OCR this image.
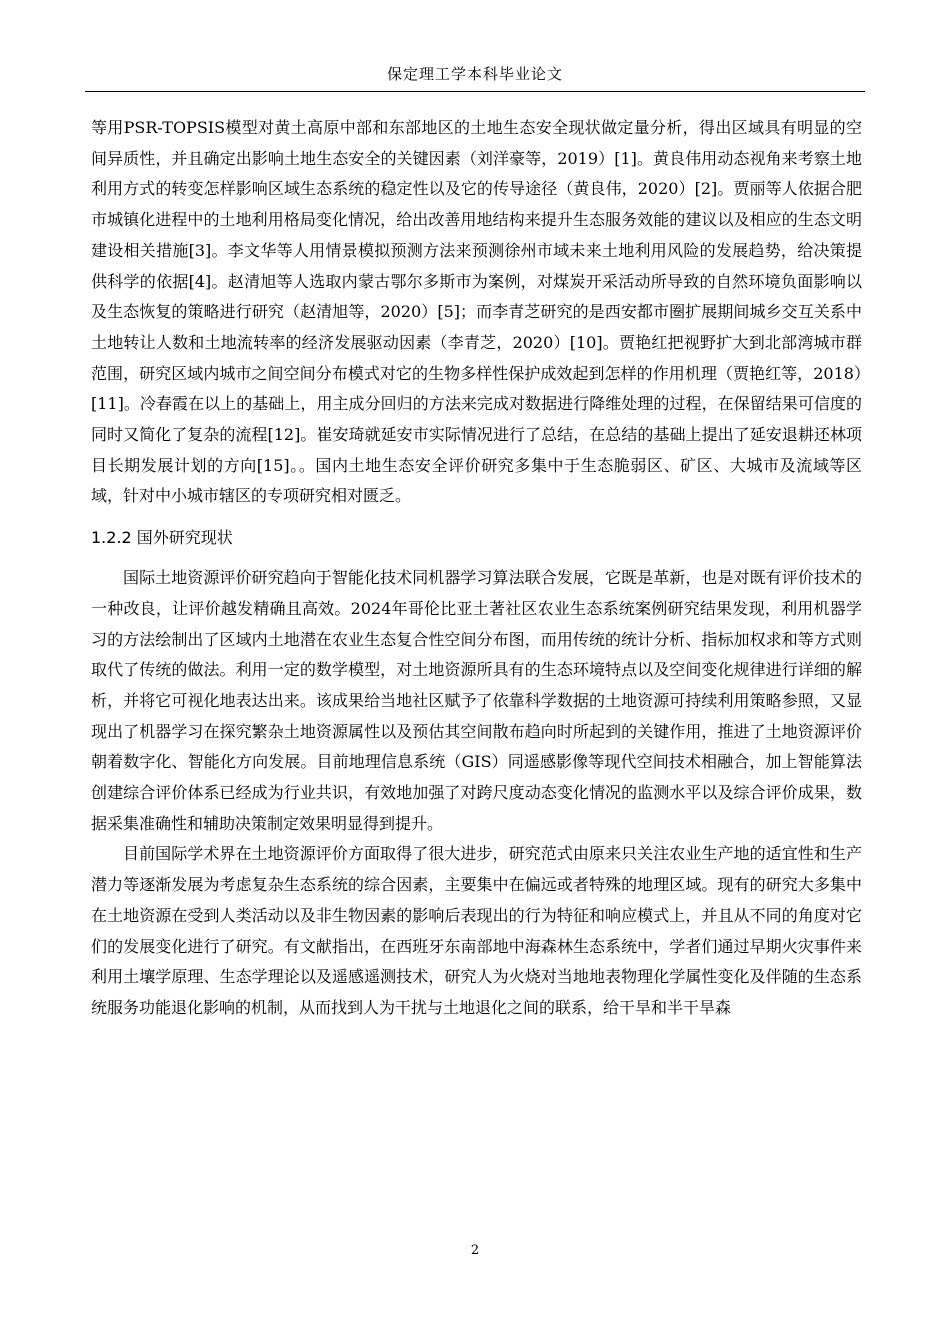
保定理工学本科毕业论文

等用PSR-TOPSIS模型对黄土高原中部和东部地区的土地生态安全现状做定量分析，得出区域具有明显的空间异质性，并且确定出影响土地生态安全的关键因素（刘洋豪等，2019）[1]。黄良伟用动态视角来考察土地利用方式的转变怎样影响区域生态系统的稳定性以及它的传导途径（黄良伟，2020）[2]。贾丽等人依据合肥市城镇化进程中的土地利用格局变化情况，给出改善用地结构来提升生态服务效能的建议以及相应的生态文明建设相关措施[3]。李文华等人用情景模拟预测方法来预测徐州市域未来土地利用风险的发展趋势，给决策提供科学的依据[4]。赵清旭等人选取内蒙古鄂尔多斯市为案例，对煤炭开采活动所导致的自然环境负面影响以及生态恢复的策略进行研究（赵清旭等，2020）[5]；而李青芝研究的是西安都市圈扩展期间城乡交互关系中土地转让人数和土地流转率的经济发展驱动因素（李青芝，2020）[10]。贾艳红把视野扩大到北部湾城市群范围，研究区域内城市之间空间分布模式对它的生物多样性保护成效起到怎样的作用机理（贾艳红等，2018）[11]。冷春霞在以上的基础上，用主成分回归的方法来完成对数据进行降维处理的过程，在保留结果可信度的同时又简化了复杂的流程[12]。崔安琦就延安市实际情况进行了总结，在总结的基础上提出了延安退耕还林项目长期发展计划的方向[15]。。国内土地生态安全评价研究多集中于生态脆弱区、矿区、大城市及流域等区域，针对中小城市辖区的专项研究相对匮乏。

1.2.2 国外研究现状

国际土地资源评价研究趋向于智能化技术同机器学习算法联合发展，它既是革新，也是对既有评价技术的一种改良，让评价越发精确且高效。2024年哥伦比亚土著社区农业生态系统案例研究结果发现，利用机器学习的方法绘制出了区域内土地潜在农业生态复合性空间分布图，而用传统的统计分析、指标加权求和等方式则取代了传统的做法。利用一定的数学模型，对土地资源所具有的生态环境特点以及空间变化规律进行详细的解析，并将它可视化地表达出来。该成果给当地社区赋予了依靠科学数据的土地资源可持续利用策略参照，又显现出了机器学习在探究繁杂土地资源属性以及预估其空间散布趋向时所起到的关键作用，推进了土地资源评价朝着数字化、智能化方向发展。目前地理信息系统（GIS）同遥感影像等现代空间技术相融合，加上智能算法创建综合评价体系已经成为行业共识，有效地加强了对跨尺度动态变化情况的监测水平以及综合评价成果，数据采集准确性和辅助决策制定效果明显得到提升。

目前国际学术界在土地资源评价方面取得了很大进步，研究范式由原来只关注农业生产地的适宜性和生产潜力等逐渐发展为考虑复杂生态系统的综合因素，主要集中在偏远或者特殊的地理区域。现有的研究大多集中在土地资源在受到人类活动以及非生物因素的影响后表现出的行为特征和响应模式上，并且从不同的角度对它们的发展变化进行了研究。有文献指出，在西班牙东南部地中海森林生态系统中，学者们通过早期火灾事件来利用土壤学原理、生态学理论以及遥感遥测技术，研究人为火烧对当地地表物理化学属性变化及伴随的生态系统服务功能退化影响的机制，从而找到人为干扰与土地退化之间的联系，给干旱和半干旱森

2
